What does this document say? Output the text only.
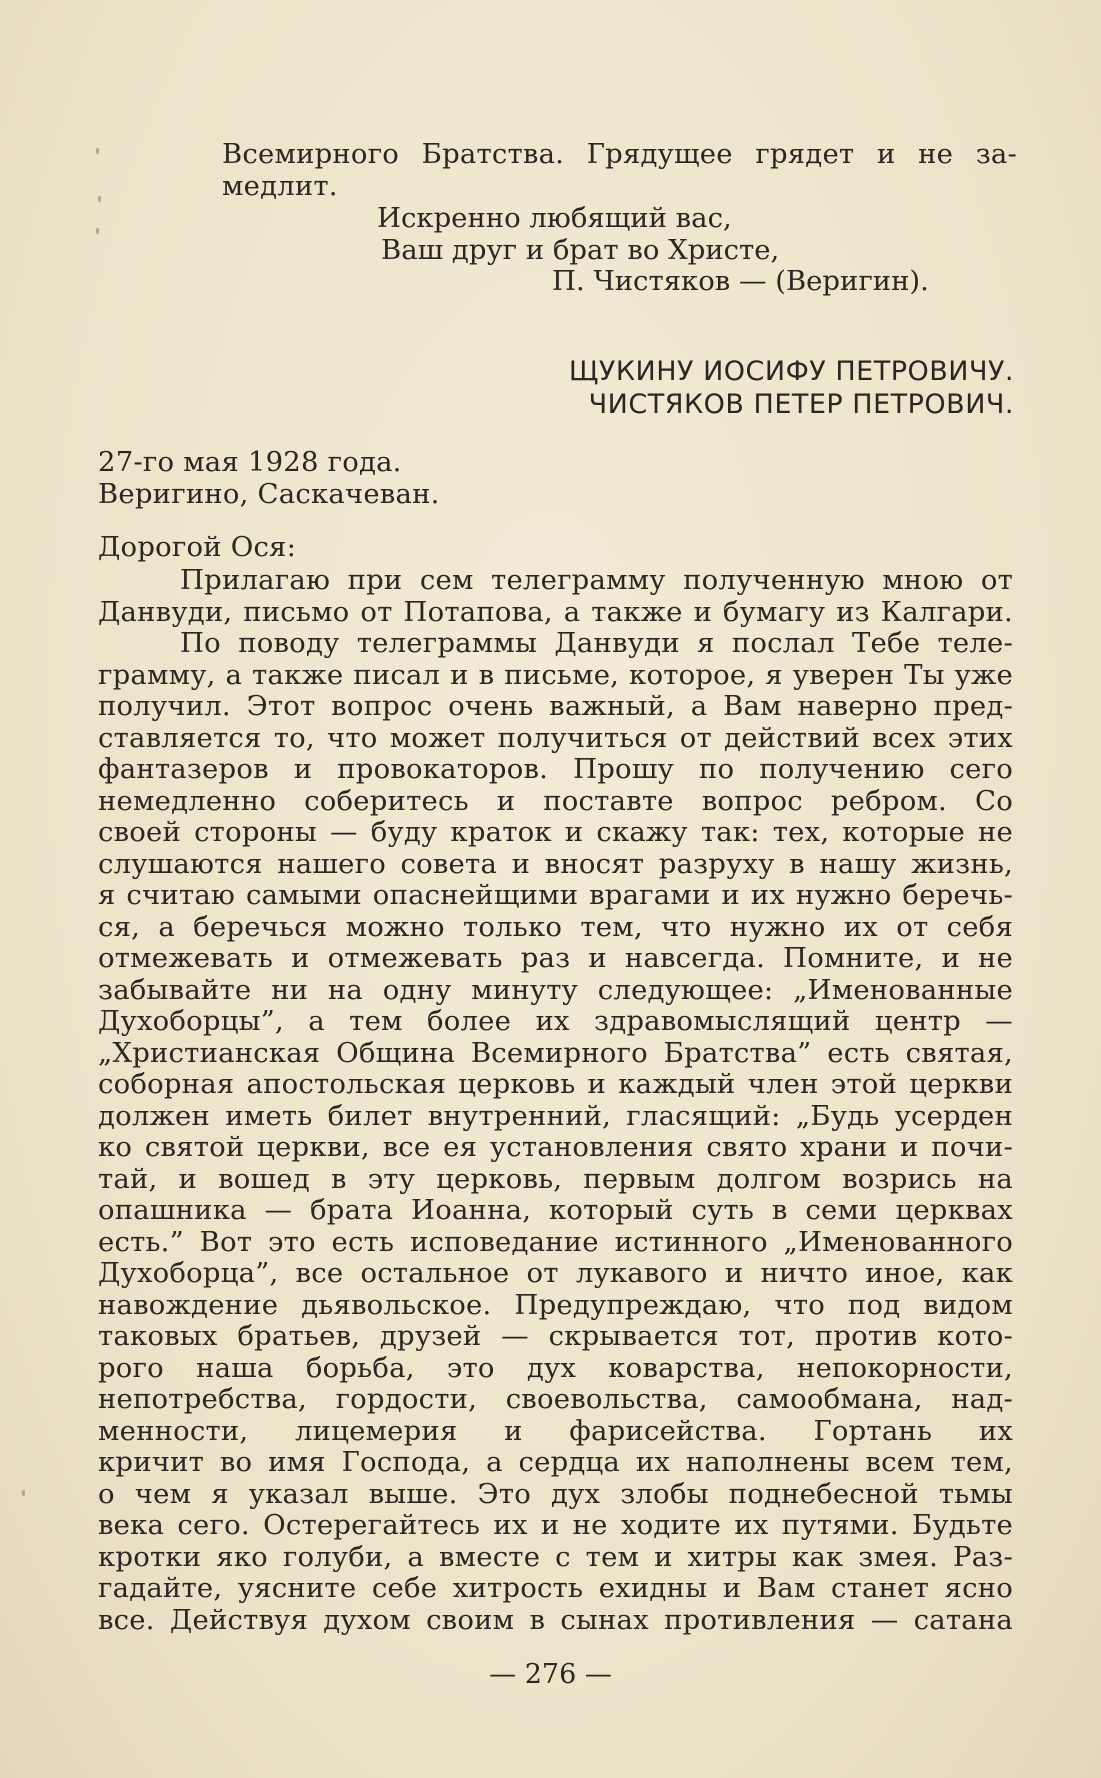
Всемирного Братства. Грядущее грядет и не за-
медлит.
Искренно любящий вас,
Ваш друг и брат во Христе,
П. Чистяков — (Веригин).
ЩУКИНУ ИОСИФУ ПЕТРОВИЧУ.
ЧИСТЯКОВ ПЕТЕР ПЕТРОВИЧ.
27-го мая 1928 года.
Веригино, Саскачеван.
Дорогой Ося:
Прилагаю при сем телеграмму полученную мною от
Данвуди, письмо от Потапова, а также и бумагу из Калгари.
По поводу телеграммы Данвуди я послал Тебе теле-
грамму, а также писал и в письме, которое, я уверен Ты уже
получил. Этот вопрос очень важный, а Вам наверно пред-
ставляется то, что может получиться от действий всех этих
фантазеров и провокаторов. Прошу по получению сего
немедленно соберитесь и поставте вопрос ребром. Со
своей стороны — буду краток и скажу так: тех, которые не
слушаются нашего совета и вносят разруху в нашу жизнь,
я считаю самыми опаснейщими врагами и их нужно беречь-
ся, а беречься можно только тем, что нужно их от себя
отмежевать и отмежевать раз и навсегда. Помните, и не
забывайте ни на одну минуту следующее: „Именованные
Духоборцы”, а тем более их здравомыслящий центр —
„Христианская Община Всемирного Братства” есть святая,
соборная апостольская церковь и каждый член этой церкви
должен иметь билет внутренний, гласящий: „Будь усерден
ко святой церкви, все ея установления свято храни и почи-
тай, и вошед в эту церковь, первым долгом возрись на
опашника — брата Иоанна, который суть в семи церквах
есть.” Вот это есть исповедание истинного „Именованного
Духоборца”, все остальное от лукавого и ничто иное, как
навождение дьявольское. Предупреждаю, что под видом
таковых братьев, друзей — скрывается тот, против кото-
рого наша борьба, это дух коварства, непокорности,
непотребства, гордости, своевольства, самообмана, над-
менности, лицемерия и фарисейства. Гортань их
кричит во имя Господа, а сердца их наполнены всем тем,
о чем я указал выше. Это дух злобы поднебесной тьмы
века сего. Остерегайтесь их и не ходите их путями. Будьте
кротки яко голуби, а вместе с тем и хитры как змея. Раз-
гадайте, уясните себе хитрость ехидны и Вам станет ясно
все. Действуя духом своим в сынах противления — сатана
— 276 —
